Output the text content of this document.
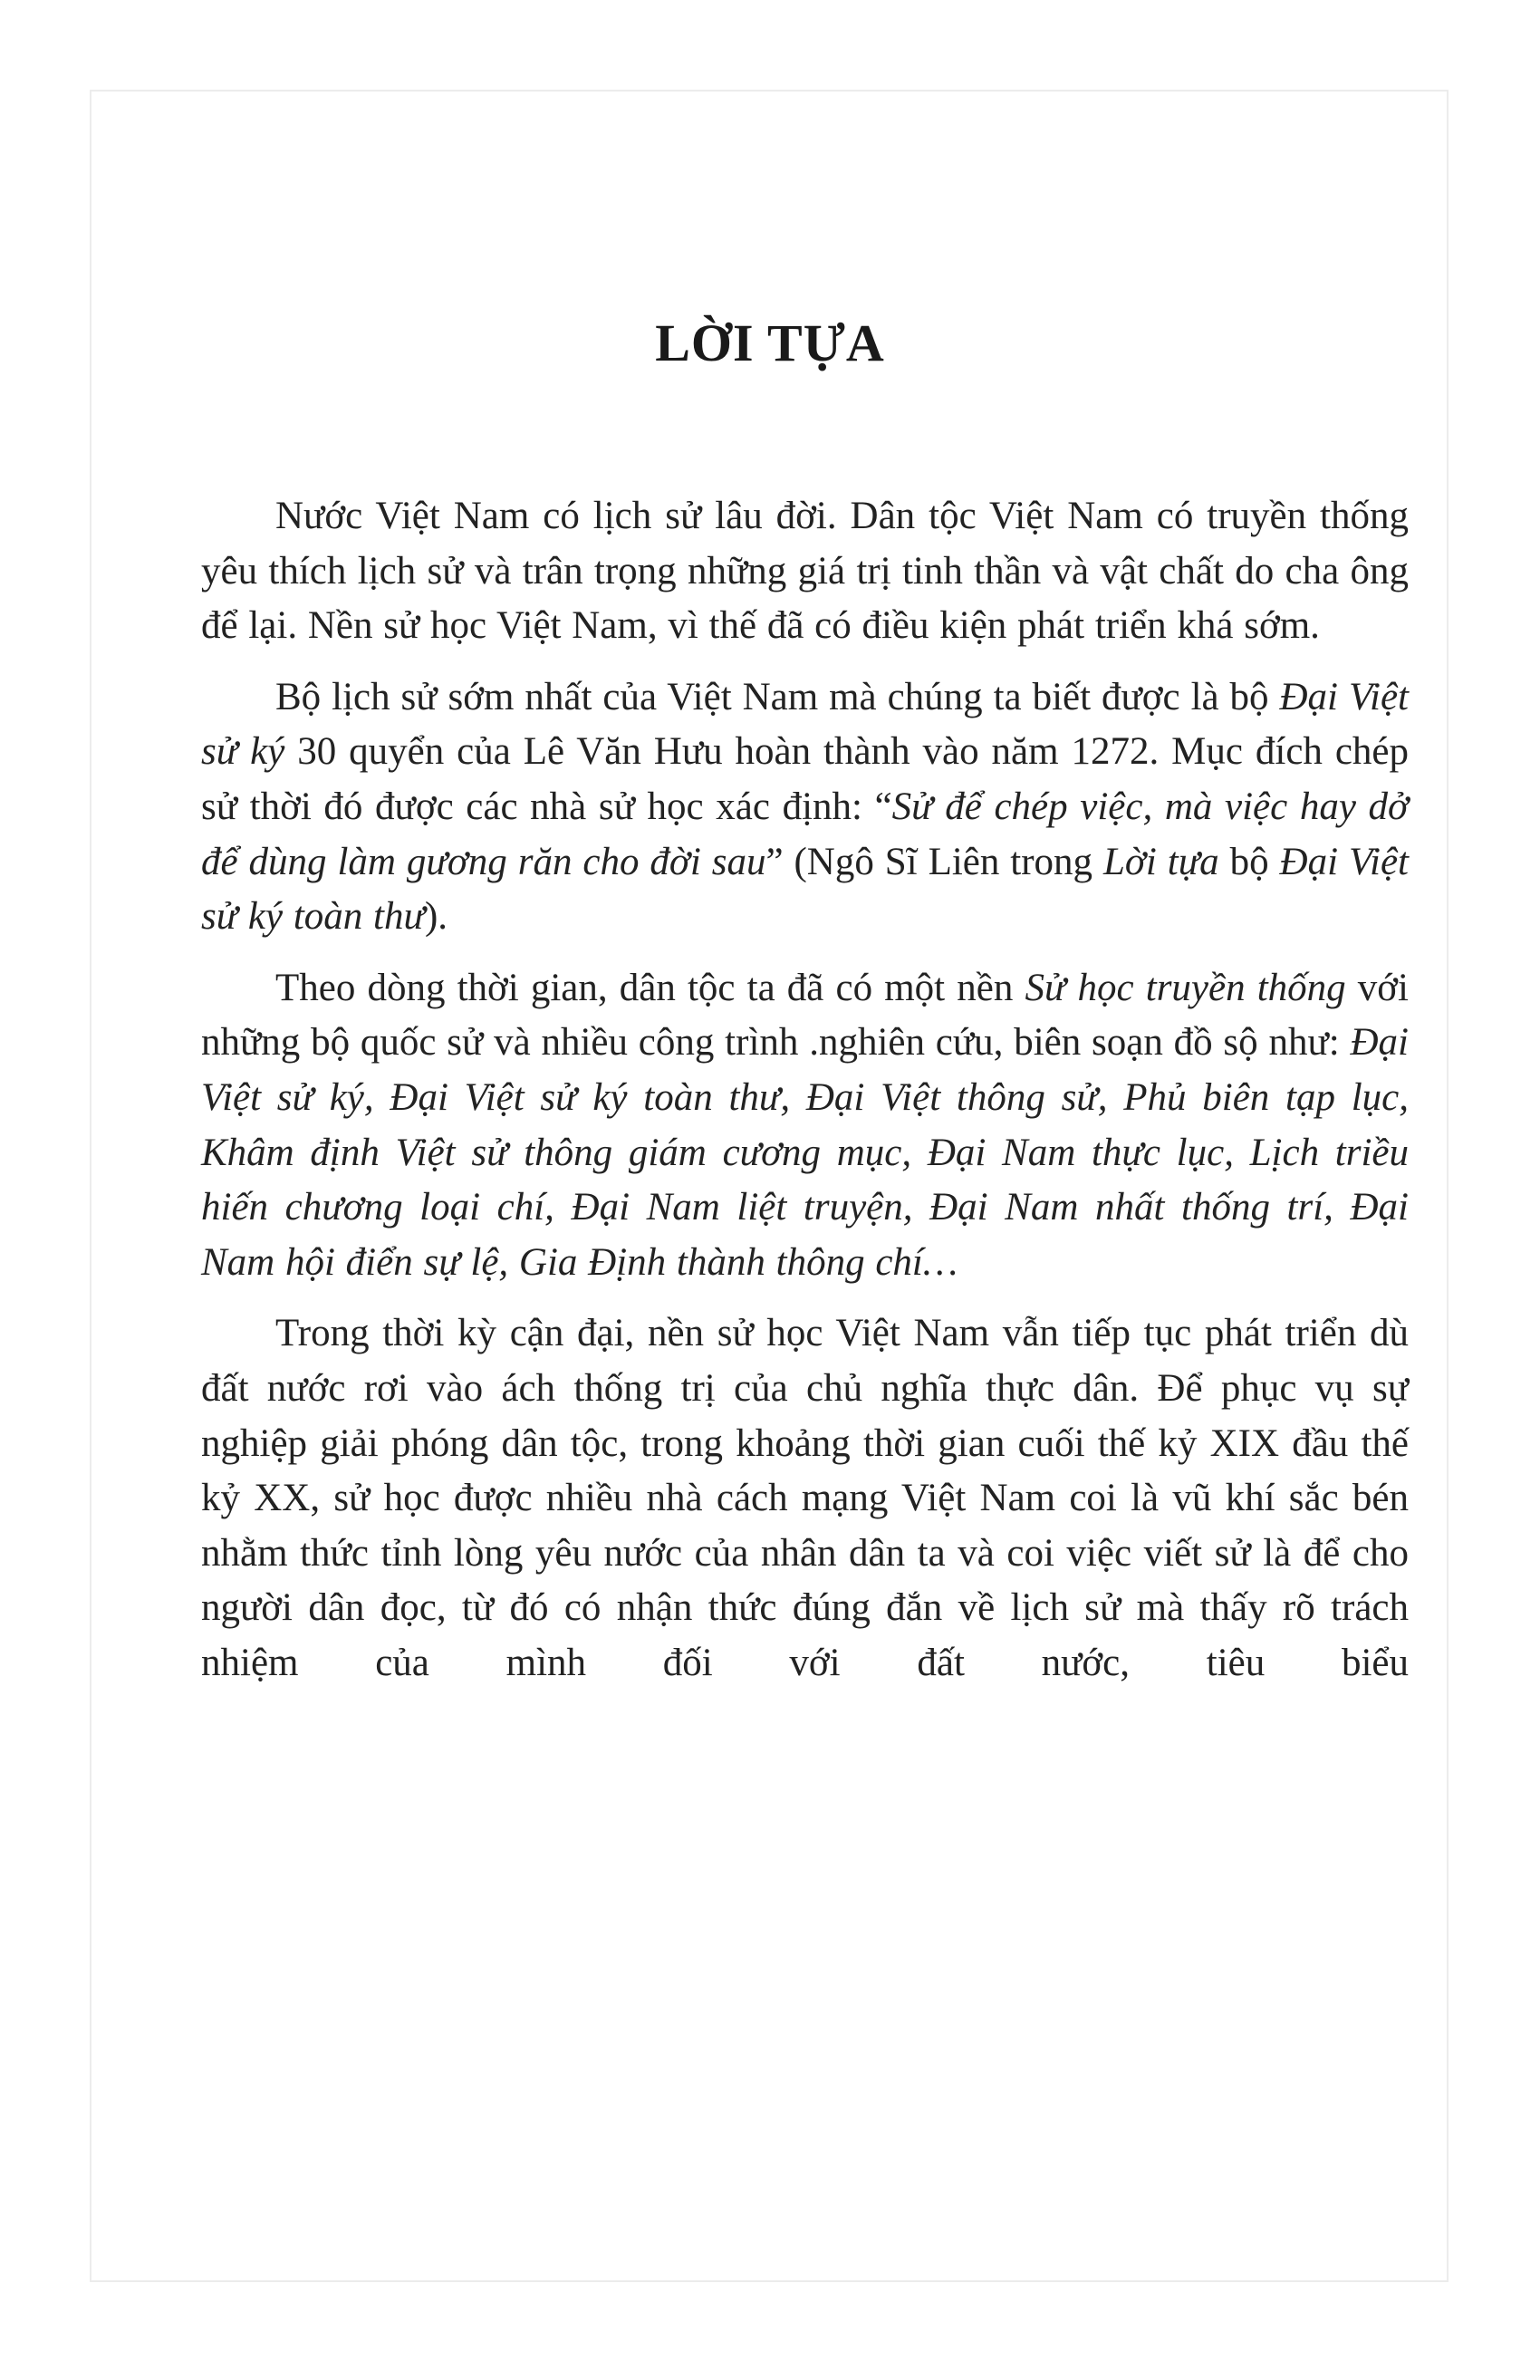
LỜI TỰA

Nước Việt Nam có lịch sử lâu đời. Dân tộc Việt Nam có truyền thống yêu thích lịch sử và trân trọng những giá trị tinh thần và vật chất do cha ông để lại. Nền sử học Việt Nam, vì thế đã có điều kiện phát triển khá sớm.

Bộ lịch sử sớm nhất của Việt Nam mà chúng ta biết được là bộ Đại Việt sử ký 30 quyển của Lê Văn Hưu hoàn thành vào năm 1272. Mục đích chép sử thời đó được các nhà sử học xác định: “Sử để chép việc, mà việc hay dở để dùng làm gương răn cho đời sau” (Ngô Sĩ Liên trong Lời tựa bộ Đại Việt sử ký toàn thư).

Theo dòng thời gian, dân tộc ta đã có một nền Sử học truyền thống với những bộ quốc sử và nhiều công trình .nghiên cứu, biên soạn đồ sộ như: Đại Việt sử ký, Đại Việt sử ký toàn thư, Đại Việt thông sử, Phủ biên tạp lục, Khâm định Việt sử thông giám cương mục, Đại Nam thực lục, Lịch triều hiến chương loại chí, Đại Nam liệt truyện, Đại Nam nhất thống trí, Đại Nam hội điển sự lệ, Gia Định thành thông chí…

Trong thời kỳ cận đại, nền sử học Việt Nam vẫn tiếp tục phát triển dù đất nước rơi vào ách thống trị của chủ nghĩa thực dân. Để phục vụ sự nghiệp giải phóng dân tộc, trong khoảng thời gian cuối thế kỷ XIX đầu thế kỷ XX, sử học được nhiều nhà cách mạng Việt Nam coi là vũ khí sắc bén nhằm thức tỉnh lòng yêu nước của nhân dân ta và coi việc viết sử là để cho người dân đọc, từ đó có nhận thức đúng đắn về lịch sử mà thấy rõ trách nhiệm của mình đối với đất nước, tiêu biểu
